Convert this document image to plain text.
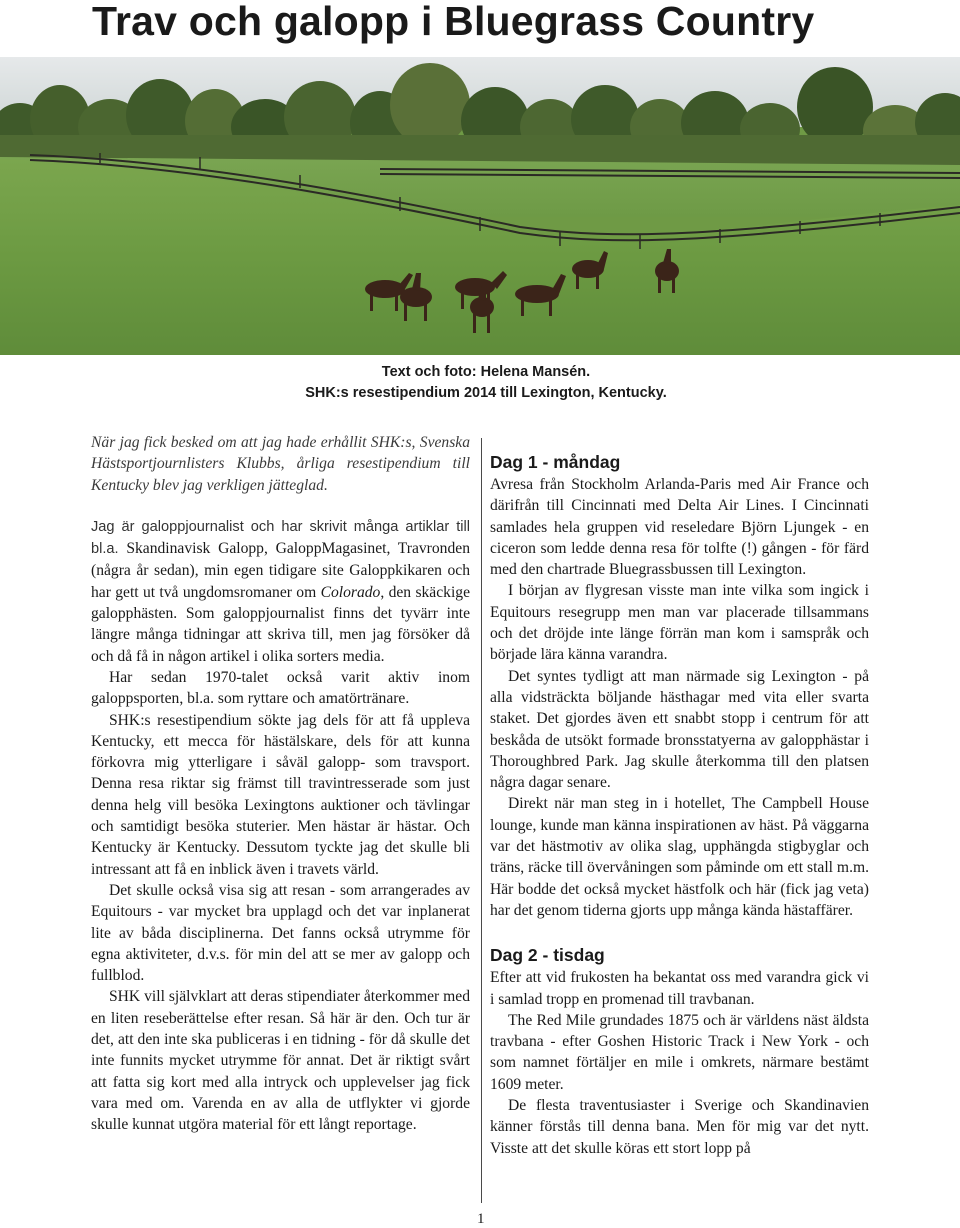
Trav och galopp i Bluegrass Country
Text och foto: Helena Mansén.
SHK:s resestipendium 2014 till Lexington, Kentucky.

När jag fick besked om att jag hade erhållit SHK:s, Svenska Hästsportjournlisters Klubbs, årliga resestipendium till Kentucky blev jag verkligen jätteglad.

Jag är galoppjournalist och har skrivit många artiklar till bl.a. Skandinavisk Galopp, GaloppMagasinet, Travronden (några år sedan), min egen tidigare site Galoppkikaren och har gett ut två ungdomsromaner om Colorado, den skäckige galopphästen. Som galoppjournalist finns det tyvärr inte längre många tidningar att skriva till, men jag försöker då och då få in någon artikel i olika sorters media.

Har sedan 1970-talet också varit aktiv inom galoppsporten, bl.a. som ryttare och amatörtränare.

SHK:s resestipendium sökte jag dels för att få uppleva Kentucky, ett mecca för hästälskare, dels för att kunna förkovra mig ytterligare i såväl galopp- som travsport. Denna resa riktar sig främst till travintresserade som just denna helg vill besöka Lexingtons auktioner och tävlingar och samtidigt besöka stuterier. Men hästar är hästar. Och Kentucky är Kentucky. Dessutom tyckte jag det skulle bli intressant att få en inblick även i travets värld.

Det skulle också visa sig att resan - som arrangerades av Equitours - var mycket bra upplagd och det var inplanerat lite av båda disciplinerna. Det fanns också utrymme för egna aktiviteter, d.v.s. för min del att se mer av galopp och fullblod.

SHK vill självklart att deras stipendiater återkommer med en liten reseberättelse efter resan. Så här är den. Och tur är det, att den inte ska publiceras i en tidning - för då skulle det inte funnits mycket utrymme för annat. Det är riktigt svårt att fatta sig kort med alla intryck och upplevelser jag fick vara med om. Varenda en av alla de utflykter vi gjorde skulle kunnat utgöra material för ett långt reportage.

Dag 1 - måndag

Avresa från Stockholm Arlanda-Paris med Air France och därifrån till Cincinnati med Delta Air Lines. I Cincinnati samlades hela gruppen vid reseledare Björn Ljungek - en ciceron som ledde denna resa för tolfte (!) gången - för färd med den chartrade Bluegrassbussen till Lexington.

I början av flygresan visste man inte vilka som ingick i Equitours resegrupp men man var placerade tillsammans och det dröjde inte länge förrän man kom i samspråk och började lära känna varandra.

Det syntes tydligt att man närmade sig Lexington - på alla vidsträckta böljande hästhagar med vita eller svarta staket. Det gjordes även ett snabbt stopp i centrum för att beskåda de utsökt formade bronsstatyerna av galopphästar i Thoroughbred Park. Jag skulle återkomma till den platsen några dagar senare.

Direkt när man steg in i hotellet, The Campbell House lounge, kunde man känna inspirationen av häst. På väggarna var det hästmotiv av olika slag, upphängda stigbyglar och träns, räcke till övervåningen som påminde om ett stall m.m. Här bodde det också mycket hästfolk och här (fick jag veta) har det genom tiderna gjorts upp många kända hästaffärer.

Dag 2 - tisdag

Efter att vid frukosten ha bekantat oss med varandra gick vi i samlad tropp en promenad till travbanan.

The Red Mile grundades 1875 och är världens näst äldsta travbana - efter Goshen Historic Track i New York - och som namnet förtäljer en mile i omkrets, närmare bestämt 1609 meter.

De flesta traventusiaster i Sverige och Skandinavien känner förstås till denna bana. Men för mig var det nytt. Visste att det skulle köras ett stort lopp på

1
